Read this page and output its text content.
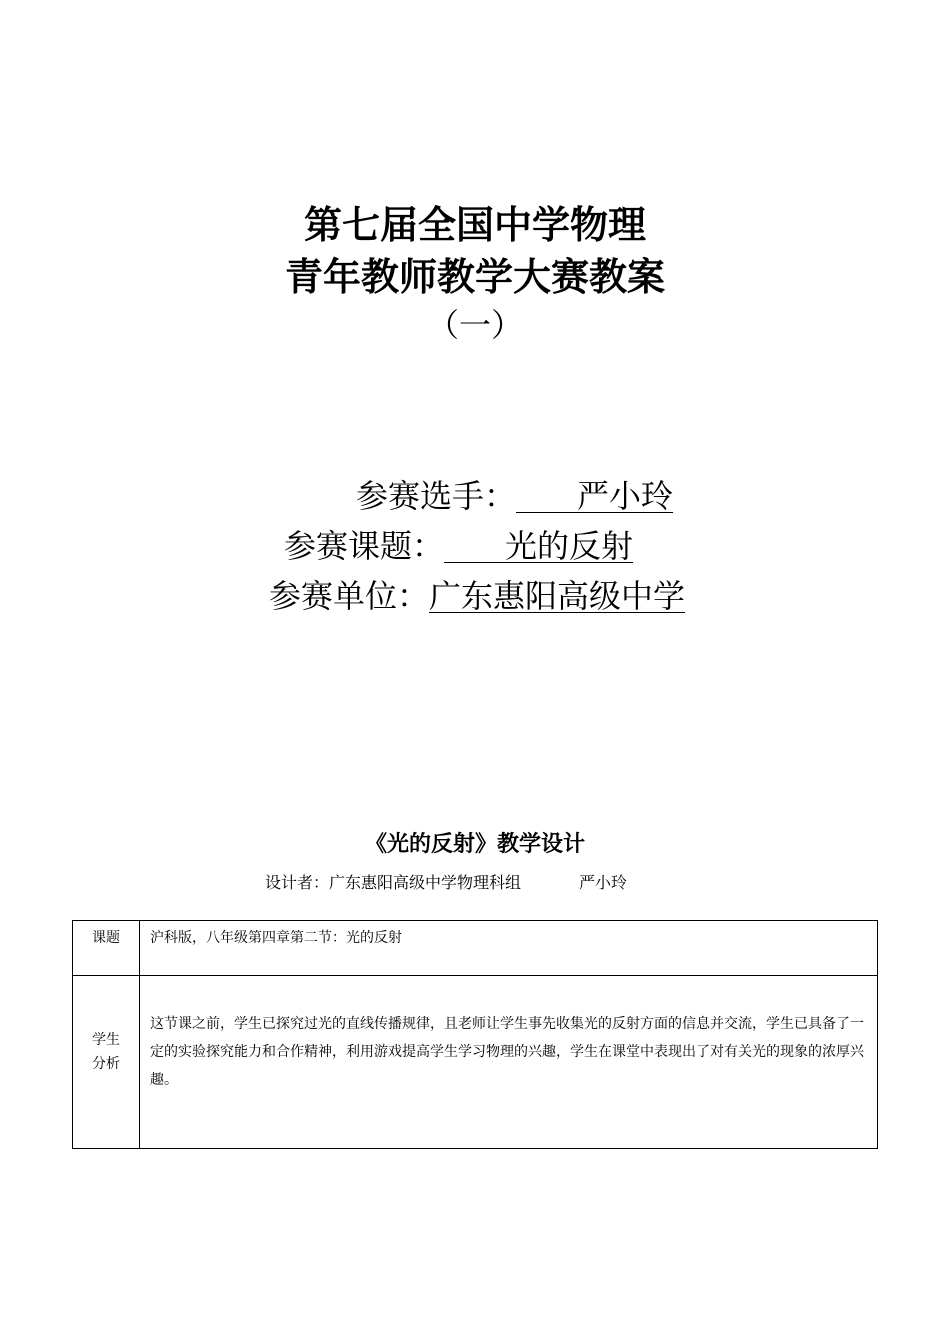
第七届全国中学物理
青年教师教学大赛教案
（一）
参赛选手：      严小玲
参赛课题：      光的反射
参赛单位：广东惠阳高级中学
《光的反射》教学设计
设计者：广东惠阳高级中学物理科组	严小玲
课题	沪科版，八年级第四章第二节：光的反射

学生
分析	这节课之前，学生已探究过光的直线传播规律，且老师让学生事先收集光的反射方面的信息并交流，学生已具备了一定的实验探究能力和合作精神，利用游戏提高学生学习物理的兴趣，学生在课堂中表现出了对有关光的现象的浓厚兴趣。
